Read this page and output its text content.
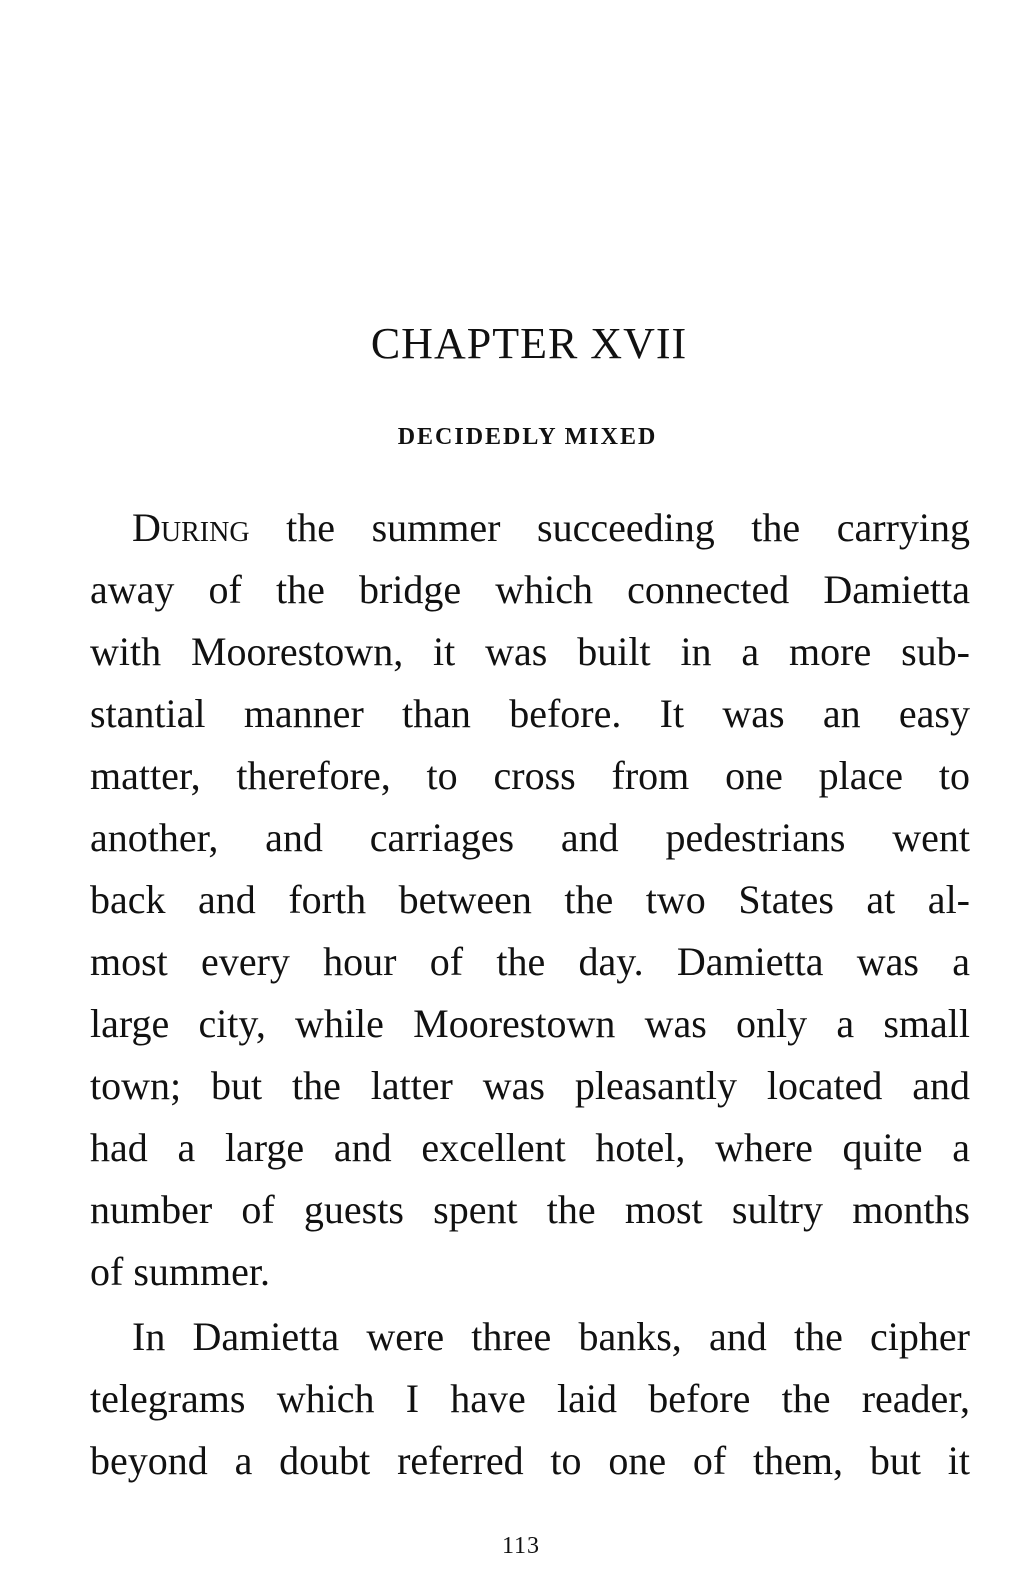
CHAPTER XVII
DECIDEDLY MIXED
During the summer succeeding the carrying
away of the bridge which connected Damietta
with Moorestown, it was built in a more sub-
stantial manner than before. It was an easy
matter, therefore, to cross from one place to
another, and carriages and pedestrians went
back and forth between the two States at al-
most every hour of the day. Damietta was a
large city, while Moorestown was only a small
town; but the latter was pleasantly located and
had a large and excellent hotel, where quite a
number of guests spent the most sultry months
of summer.
In Damietta were three banks, and the cipher
telegrams which I have laid before the reader,
beyond a doubt referred to one of them, but it
113
